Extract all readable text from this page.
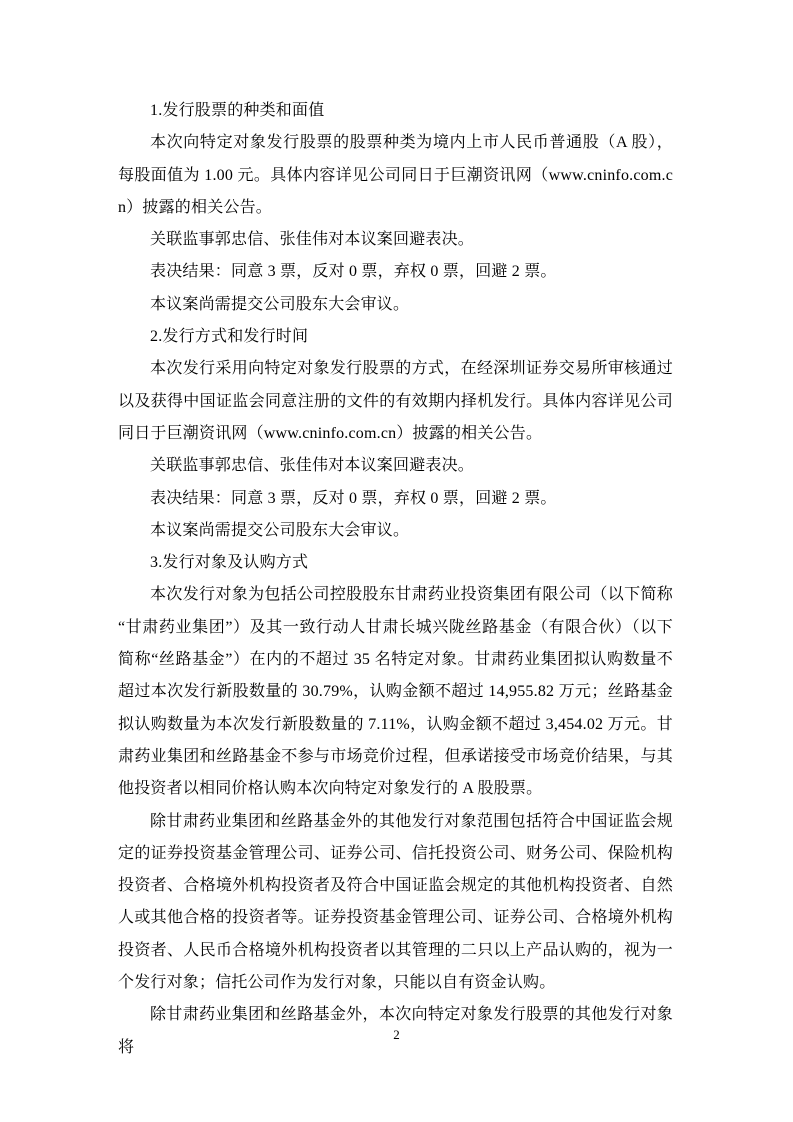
1.发行股票的种类和面值

本次向特定对象发行股票的股票种类为境内上市人民币普通股（A 股），每股面值为 1.00 元。具体内容详见公司同日于巨潮资讯网（www.cninfo.com.cn）披露的相关公告。

关联监事郭忠信、张佳伟对本议案回避表决。

表决结果：同意 3 票，反对 0 票，弃权 0 票，回避 2 票。

本议案尚需提交公司股东大会审议。

2.发行方式和发行时间

本次发行采用向特定对象发行股票的方式，在经深圳证券交易所审核通过以及获得中国证监会同意注册的文件的有效期内择机发行。具体内容详见公司同日于巨潮资讯网（www.cninfo.com.cn）披露的相关公告。

关联监事郭忠信、张佳伟对本议案回避表决。

表决结果：同意 3 票，反对 0 票，弃权 0 票，回避 2 票。

本议案尚需提交公司股东大会审议。

3.发行对象及认购方式

本次发行对象为包括公司控股股东甘肃药业投资集团有限公司（以下简称“甘肃药业集团”）及其一致行动人甘肃长城兴陇丝路基金（有限合伙）（以下简称“丝路基金”）在内的不超过 35 名特定对象。甘肃药业集团拟认购数量不超过本次发行新股数量的 30.79%，认购金额不超过 14,955.82 万元；丝路基金拟认购数量为本次发行新股数量的 7.11%，认购金额不超过 3,454.02 万元。甘肃药业集团和丝路基金不参与市场竞价过程，但承诺接受市场竞价结果，与其他投资者以相同价格认购本次向特定对象发行的 A 股股票。

除甘肃药业集团和丝路基金外的其他发行对象范围包括符合中国证监会规定的证券投资基金管理公司、证券公司、信托投资公司、财务公司、保险机构投资者、合格境外机构投资者及符合中国证监会规定的其他机构投资者、自然人或其他合格的投资者等。证券投资基金管理公司、证券公司、合格境外机构投资者、人民币合格境外机构投资者以其管理的二只以上产品认购的，视为一个发行对象；信托公司作为发行对象，只能以自有资金认购。

除甘肃药业集团和丝路基金外，本次向特定对象发行股票的其他发行对象将

2
